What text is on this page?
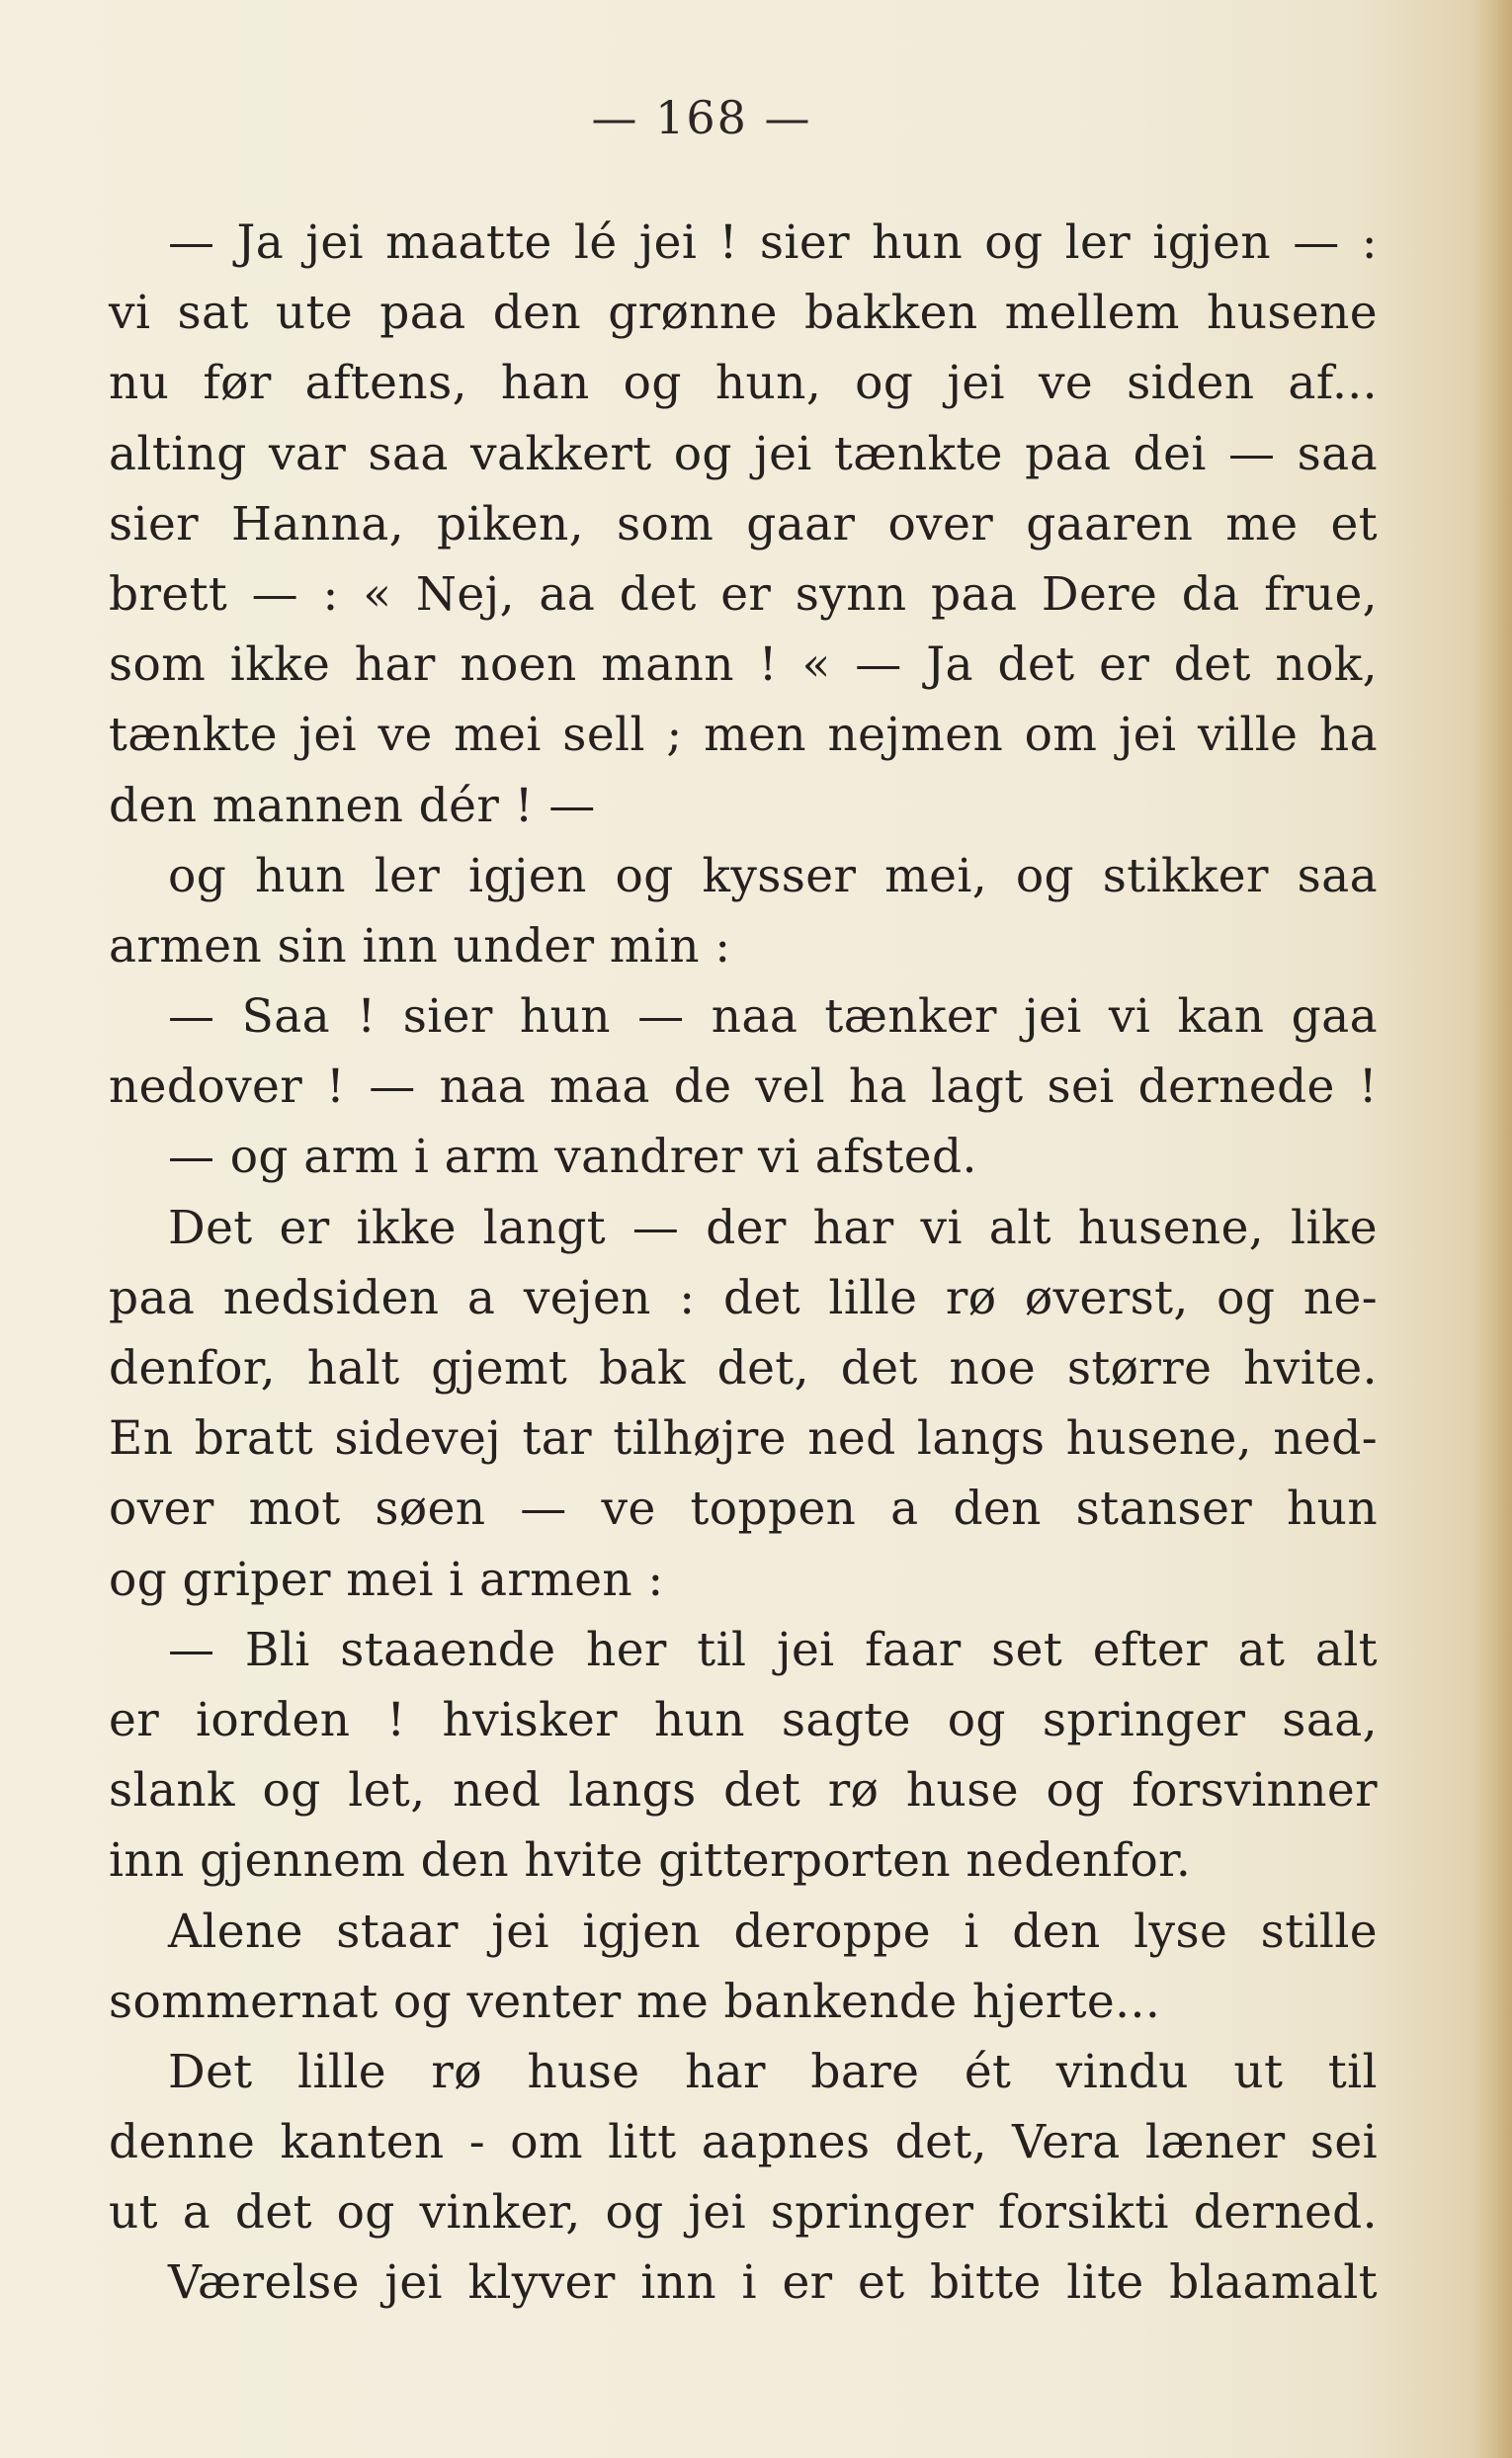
— 168 —
— Ja jei maatte lé jei ! sier hun og ler igjen — :
vi sat ute paa den grønne bakken mellem husene
nu før aftens, han og hun, og jei ve siden af...
alting var saa vakkert og jei tænkte paa dei — saa
sier Hanna, piken, som gaar over gaaren me et
brett — : « Nej, aa det er synn paa Dere da frue,
som ikke har noen mann ! « — Ja det er det nok,
tænkte jei ve mei sell ; men nejmen om jei ville ha
den mannen dér ! —
og hun ler igjen og kysser mei, og stikker saa
armen sin inn under min :
— Saa ! sier hun — naa tænker jei vi kan gaa
nedover ! — naa maa de vel ha lagt sei dernede !
— og arm i arm vandrer vi afsted.
Det er ikke langt — der har vi alt husene, like
paa nedsiden a vejen : det lille rø øverst, og ne-
denfor, halt gjemt bak det, det noe større hvite.
En bratt sidevej tar tilhøjre ned langs husene, ned-
over mot søen — ve toppen a den stanser hun
og griper mei i armen :
— Bli staaende her til jei faar set efter at alt
er iorden ! hvisker hun sagte og springer saa,
slank og let, ned langs det rø huse og forsvinner
inn gjennem den hvite gitterporten nedenfor.
Alene staar jei igjen deroppe i den lyse stille
sommernat og venter me bankende hjerte...
Det lille rø huse har bare ét vindu ut til
denne kanten - om litt aapnes det, Vera læner sei
ut a det og vinker, og jei springer forsikti derned.
Værelse jei klyver inn i er et bitte lite blaamalt
